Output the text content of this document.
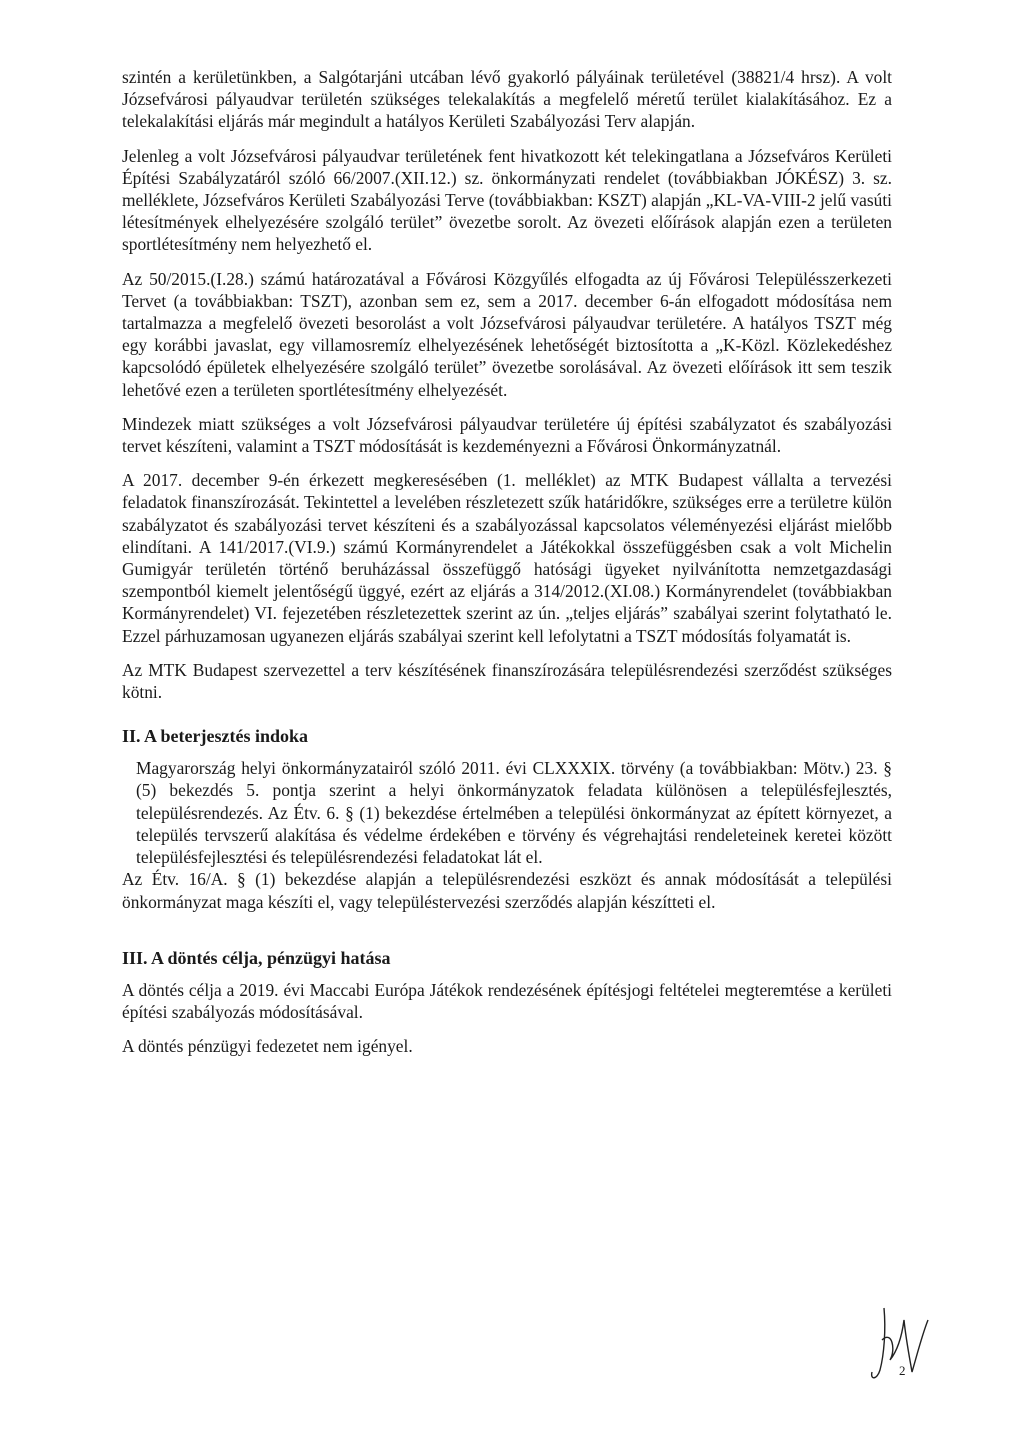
szintén a kerületünkben, a Salgótarjáni utcában lévő gyakorló pályáinak területével (38821/4 hrsz). A volt Józsefvárosi pályaudvar területén szükséges telekalakítás a megfelelő méretű terület kialakításához. Ez a telekalakítási eljárás már megindult a hatályos Kerületi Szabályozási Terv alapján.

Jelenleg a volt Józsefvárosi pályaudvar területének fent hivatkozott két telekingatlana a Józsefváros Kerületi Építési Szabályzatáról szóló 66/2007.(XII.12.) sz. önkormányzati rendelet (továbbiakban JÓKÉSZ) 3. sz. melléklete, Józsefváros Kerületi Szabályozási Terve (továbbiakban: KSZT) alapján „KL-VA-VIII-2 jelű vasúti létesítmények elhelyezésére szolgáló terület” övezetbe sorolt. Az övezeti előírások alapján ezen a területen sportlétesítmény nem helyezhető el.

Az 50/2015.(I.28.) számú határozatával a Fővárosi Közgyűlés elfogadta az új Fővárosi Településszerkezeti Tervet (a továbbiakban: TSZT), azonban sem ez, sem a 2017. december 6-án elfogadott módosítása nem tartalmazza a megfelelő övezeti besorolást a volt Józsefvárosi pályaudvar területére. A hatályos TSZT még egy korábbi javaslat, egy villamosremíz elhelyezésének lehetőségét biztosította a „K-Közl. Közlekedéshez kapcsolódó épületek elhelyezésére szolgáló terület” övezetbe sorolásával. Az övezeti előírások itt sem teszik lehetővé ezen a területen sportlétesítmény elhelyezését.

Mindezek miatt szükséges a volt Józsefvárosi pályaudvar területére új építési szabályzatot és szabályozási tervet készíteni, valamint a TSZT módosítását is kezdeményezni a Fővárosi Önkormányzatnál.

A 2017. december 9-én érkezett megkeresésében (1. melléklet) az MTK Budapest vállalta a tervezési feladatok finanszírozását. Tekintettel a levelében részletezett szűk határidőkre, szükséges erre a területre külön szabályzatot és szabályozási tervet készíteni és a szabályozással kapcsolatos véleményezési eljárást mielőbb elindítani. A 141/2017.(VI.9.) számú Kormányrendelet a Játékokkal összefüggésben csak a volt Michelin Gumigyár területén történő beruházással összefüggő hatósági ügyeket nyilvánította nemzetgazdasági szempontból kiemelt jelentőségű üggyé, ezért az eljárás a 314/2012.(XI.08.) Kormányrendelet (továbbiakban Kormányrendelet) VI. fejezetében részletezettek szerint az ún. „teljes eljárás” szabályai szerint folytatható le. Ezzel párhuzamosan ugyanezen eljárás szabályai szerint kell lefolytatni a TSZT módosítás folyamatát is.

Az MTK Budapest szervezettel a terv készítésének finanszírozására településrendezési szerződést szükséges kötni.

II. A beterjesztés indoka

Magyarország helyi önkormányzatairól szóló 2011. évi CLXXXIX. törvény (a továbbiakban: Mötv.) 23. § (5) bekezdés 5. pontja szerint a helyi önkormányzatok feladata különösen a településfejlesztés, településrendezés. Az Étv. 6. § (1) bekezdése értelmében a települési önkormányzat az épített környezet, a település tervszerű alakítása és védelme érdekében e törvény és végrehajtási rendeleteinek keretei között településfejlesztési és településrendezési feladatokat lát el.

Az Étv. 16/A. § (1) bekezdése alapján a településrendezési eszközt és annak módosítását a települési önkormányzat maga készíti el, vagy településtervezési szerződés alapján készítteti el.

III. A döntés célja, pénzügyi hatása

A döntés célja a 2019. évi Maccabi Európa Játékok rendezésének építésjogi feltételei megteremtése a kerületi építési szabályozás módosításával.

A döntés pénzügyi fedezetet nem igényel.

2
